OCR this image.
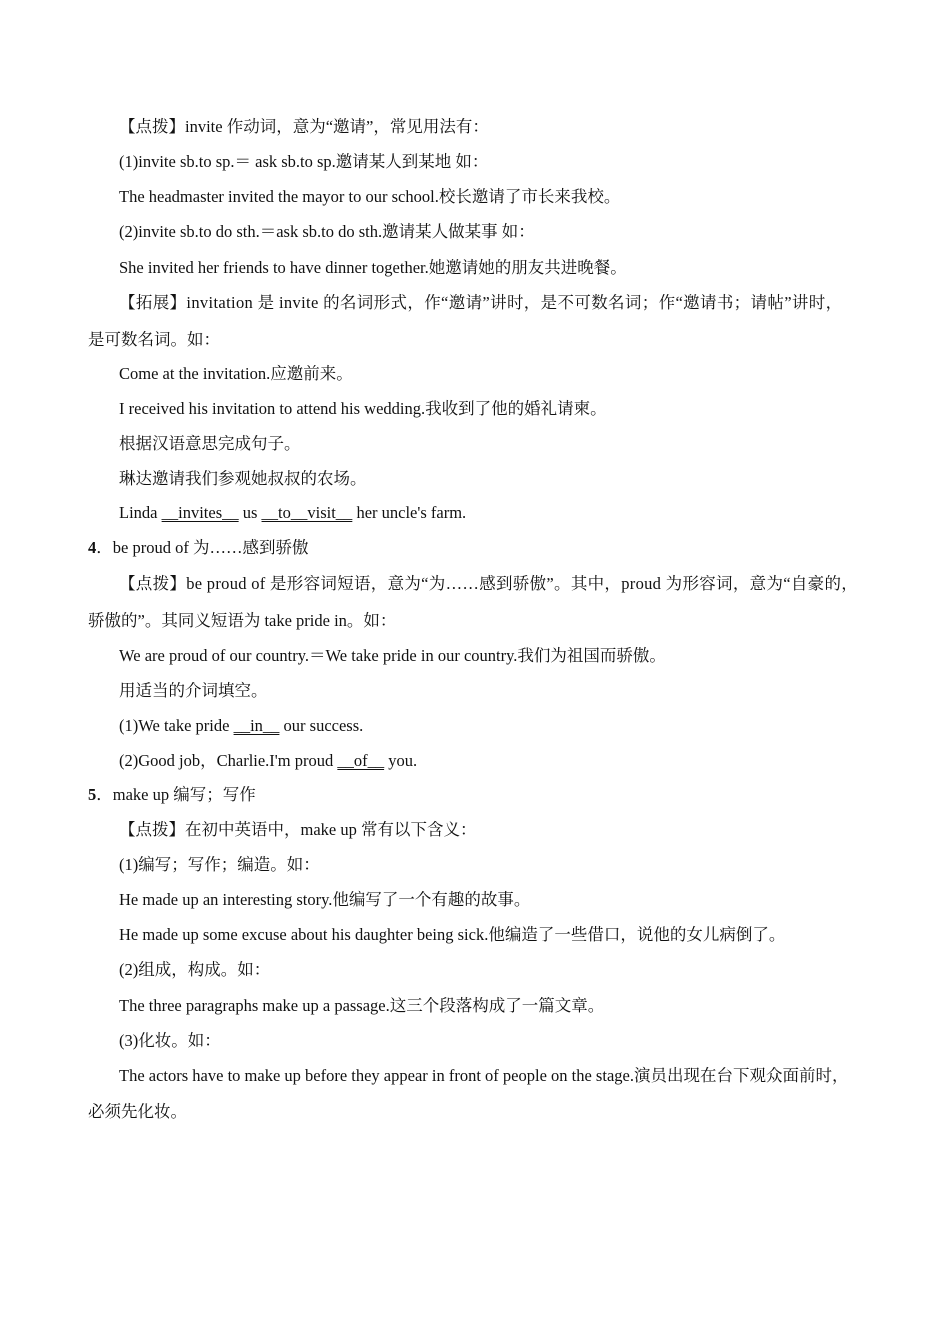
【点拨】invite 作动词，意为“邀请”，常见用法有：
(1)invite sb.to sp.＝ ask sb.to sp.邀请某人到某地 如：
The headmaster invited the mayor to our school.校长邀请了市长来我校。
(2)invite sb.to do sth.＝ask sb.to do sth.邀请某人做某事 如：
She invited her friends to have dinner together.她邀请她的朋友共进晚餐。
【拓展】invitation 是 invite 的名词形式，作“邀请”讲时，是不可数名词；作“邀请书；请帖”讲时，
是可数名词。如：
Come at the invitation.应邀前来。
I received his invitation to attend his wedding.我收到了他的婚礼请柬。
根据汉语意思完成句子。
琳达邀请我们参观她叔叔的农场。
Linda __invites__ us __to__visit__ her uncle's farm.
4．be proud of 为……感到骄傲
【点拨】be proud of 是形容词短语，意为“为……感到骄傲”。其中，proud 为形容词，意为“自豪的，
骄傲的”。其同义短语为 take pride in。如：
We are proud of our country.＝We take pride in our country.我们为祖国而骄傲。
用适当的介词填空。
(1)We take pride __in__ our success.
(2)Good job，Charlie.I'm proud __of__ you.
5．make up 编写；写作
【点拨】在初中英语中，make up 常有以下含义：
(1)编写；写作；编造。如：
He made up an interesting story.他编写了一个有趣的故事。
He made up some excuse about his daughter being sick.他编造了一些借口，说他的女儿病倒了。
(2)组成，构成。如：
The three paragraphs make up a passage.这三个段落构成了一篇文章。
(3)化妆。如：
The actors have to make up before they appear in front of people on the stage.演员出现在台下观众面前时，
必须先化妆。
